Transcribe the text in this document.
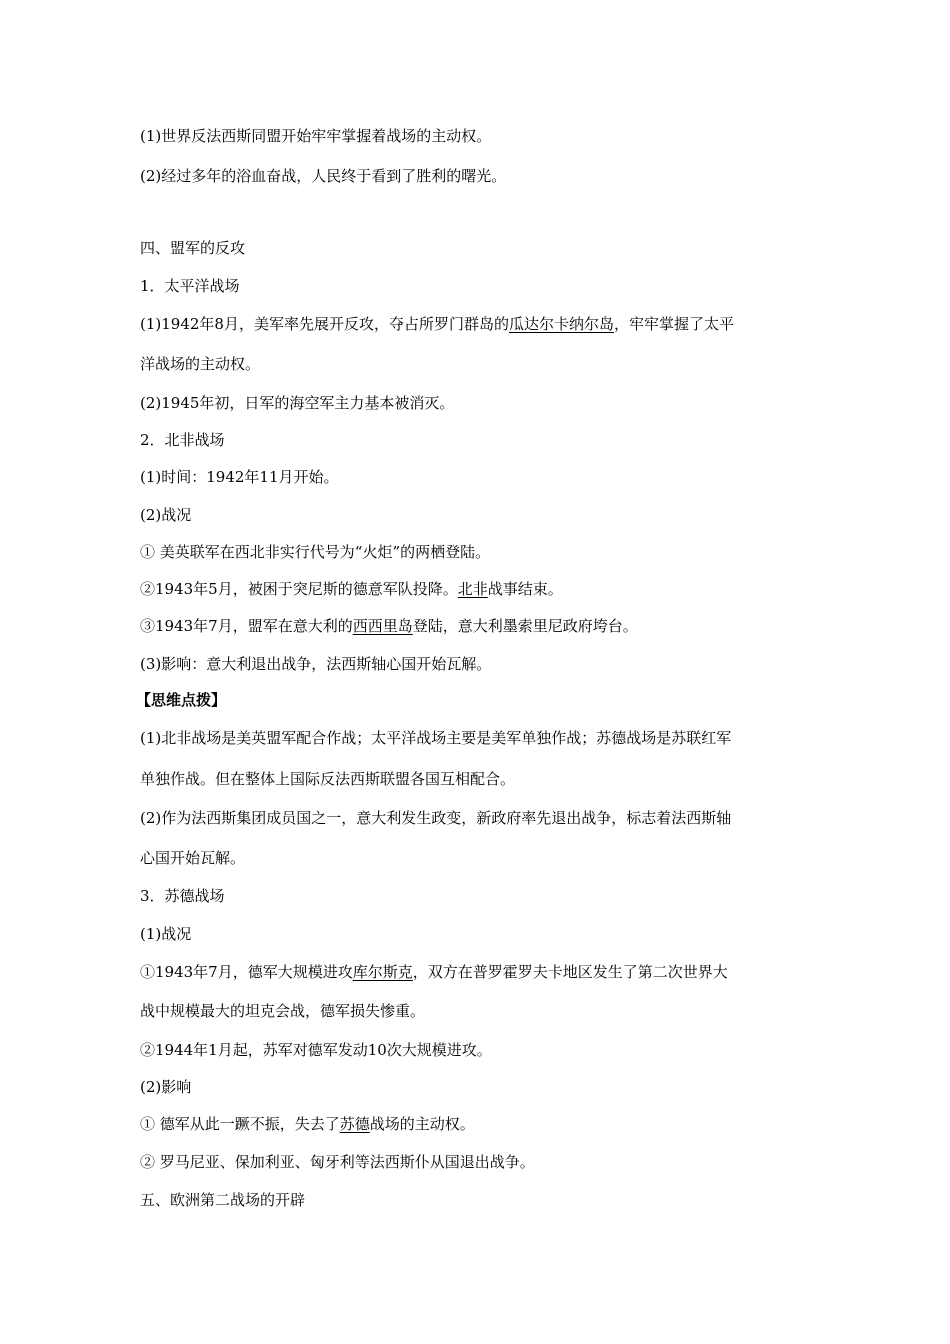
(1)世界反法西斯同盟开始牢牢掌握着战场的主动权。
(2)经过多年的浴血奋战，人民终于看到了胜利的曙光。
四、盟军的反攻
1．太平洋战场
(1)1942年8月，美军率先展开反攻，夺占所罗门群岛的瓜达尔卡纳尔岛，牢牢掌握了太平
洋战场的主动权。
(2)1945年初，日军的海空军主力基本被消灭。
2．北非战场
(1)时间：1942年11月开始。
(2)战况
① 美英联军在西北非实行代号为“火炬”的两栖登陆。
②1943年5月，被困于突尼斯的德意军队投降。北非战事结束。
③1943年7月，盟军在意大利的西西里岛登陆，意大利墨索里尼政府垮台。
(3)影响：意大利退出战争，法西斯轴心国开始瓦解。
【思维点拨】
(1)北非战场是美英盟军配合作战；太平洋战场主要是美军单独作战；苏德战场是苏联红军
单独作战。但在整体上国际反法西斯联盟各国互相配合。
(2)作为法西斯集团成员国之一，意大利发生政变，新政府率先退出战争，标志着法西斯轴
心国开始瓦解。
3．苏德战场
(1)战况
①1943年7月，德军大规模进攻库尔斯克，双方在普罗霍罗夫卡地区发生了第二次世界大
战中规模最大的坦克会战，德军损失惨重。
②1944年1月起，苏军对德军发动10次大规模进攻。
(2)影响
① 德军从此一蹶不振，失去了苏德战场的主动权。
② 罗马尼亚、保加利亚、匈牙利等法西斯仆从国退出战争。
五、欧洲第二战场的开辟
